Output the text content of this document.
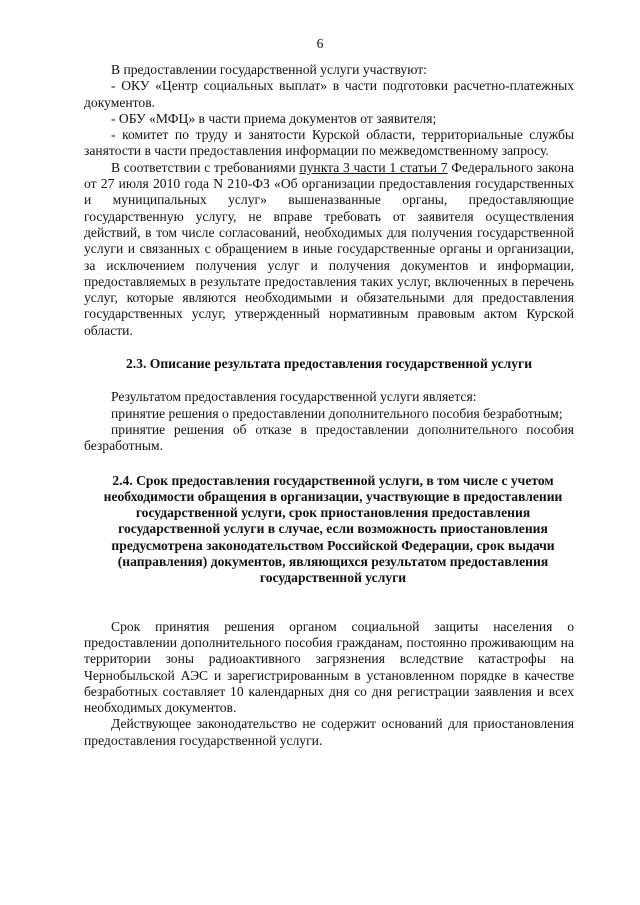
6

В предоставлении государственной услуги участвуют:

- ОКУ «Центр социальных выплат» в части подготовки расчетно-платежных документов.

- ОБУ «МФЦ» в части приема документов от заявителя;

- комитет по труду и занятости Курской области, территориальные службы занятости в части предоставления информации по межведомственному запросу.

В соответствии с требованиями пункта 3 части 1 статьи 7 Федерального закона от 27 июля 2010 года N 210-ФЗ «Об организации предоставления государственных и муниципальных услуг» вышеназванные органы, предоставляющие государственную услугу, не вправе требовать от заявителя осуществления действий, в том числе согласований, необходимых для получения государственной услуги и связанных с обращением в иные государственные органы и организации, за исключением получения услуг и получения документов и информации, предоставляемых в результате предоставления таких услуг, включенных в перечень услуг, которые являются необходимыми и обязательными для предоставления государственных услуг, утвержденный нормативным правовым актом Курской области.

2.3. Описание результата предоставления государственной услуги

Результатом предоставления государственной услуги является:

принятие решения о предоставлении дополнительного пособия безработным;

принятие решения об отказе в предоставлении дополнительного пособия безработным.

2.4. Срок предоставления государственной услуги, в том числе с учетом необходимости обращения в организации, участвующие в предоставлении государственной услуги, срок приостановления предоставления государственной услуги в случае, если возможность приостановления предусмотрена законодательством Российской Федерации, срок выдачи (направления) документов, являющихся результатом предоставления государственной услуги

Срок принятия решения органом социальной защиты населения о предоставлении дополнительного пособия гражданам, постоянно проживающим на территории зоны радиоактивного загрязнения вследствие катастрофы на Чернобыльской АЭС и зарегистрированным в установленном порядке в качестве безработных составляет 10 календарных дня со дня регистрации заявления и всех необходимых документов.

Действующее законодательство не содержит оснований для приостановления предоставления государственной услуги.
